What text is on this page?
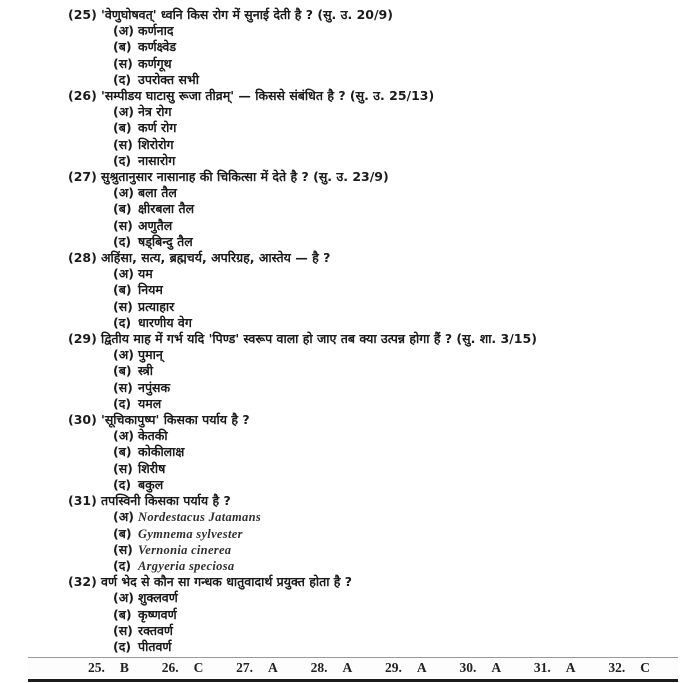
(25) 'वेणुघोषवत्' ध्वनि किस रोग में सुनाई देती है ? (सु. उ. 20/9)
(अ) कर्णनाद
(ब) कर्णक्ष्वेड
(स) कर्णगूथ
(द) उपरोक्त सभी
(26) 'सम्पीडय घाटासु रूजा तीव्रम्' — किससे संबंधित है ? (सु. उ. 25/13)
(अ) नेत्र रोग
(ब) कर्ण रोग
(स) शिरोरोग
(द) नासारोग
(27) सुश्रुतानुसार नासानाह की चिकित्सा में देते है ? (सु. उ. 23/9)
(अ) बला तैल
(ब) क्षीरबला तैल
(स) अणुतैल
(द) षड्बिन्दु तैल
(28) अहिंसा, सत्य, ब्रह्मचर्य, अपरिग्रह, आस्तेय — है ?
(अ) यम
(ब) नियम
(स) प्रत्याहार
(द) धारणीय वेग
(29) द्वितीय माह में गर्भ यदि 'पिण्ड' स्वरूप वाला हो जाए तब क्या उत्पन्न होगा हैं ? (सु. शा. 3/15)
(अ) पुमान्
(ब) स्त्री
(स) नपुंसक
(द) यमल
(30) 'सूचिकापुष्प' किसका पर्याय है ?
(अ) केतकी
(ब) कोकीलाक्ष
(स) शिरीष
(द) बकुल
(31) तपस्विनी किसका पर्याय है ?
(अ) Nordestacus Jatamans
(ब) Gymnema sylvester
(स) Vernonia cinerea
(द) Argyeria speciosa
(32) वर्ण भेद से कौन सा गन्धक धातुवादार्थ प्रयुक्त होता है ?
(अ) शुक्लवर्ण
(ब) कृष्णवर्ण
(स) रक्तवर्ण
(द) पीतवर्ण
25. B 26. C 27. A 28. A 29. A 30. A 31. A 32. C
